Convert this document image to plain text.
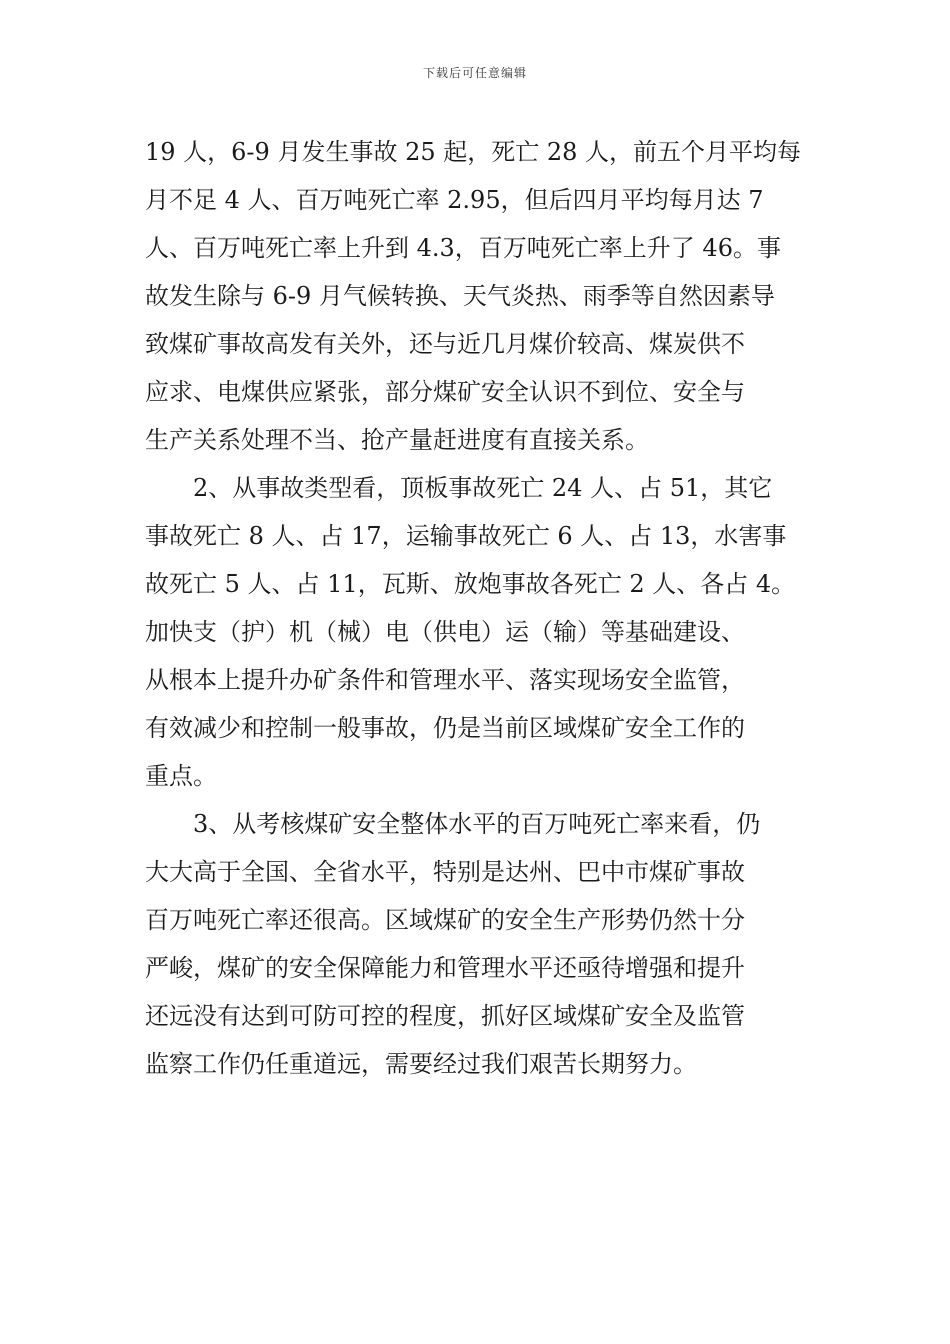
下载后可任意编辑
19 人，6-9 月发生事故 25 起，死亡 28 人，前五个月平均每
月不足 4 人、百万吨死亡率 2.95，但后四月平均每月达 7
人、百万吨死亡率上升到 4.3，百万吨死亡率上升了 46。事
故发生除与 6-9 月气候转换、天气炎热、雨季等自然因素导
致煤矿事故高发有关外，还与近几月煤价较高、煤炭供不
应求、电煤供应紧张，部分煤矿安全认识不到位、安全与
生产关系处理不当、抢产量赶进度有直接关系。
2、从事故类型看，顶板事故死亡 24 人、占 51，其它
事故死亡 8 人、占 17，运输事故死亡 6 人、占 13，水害事
故死亡 5 人、占 11，瓦斯、放炮事故各死亡 2 人、各占 4。
加快支（护）机（械）电（供电）运（输）等基础建设、
从根本上提升办矿条件和管理水平、落实现场安全监管，
有效减少和控制一般事故，仍是当前区域煤矿安全工作的
重点。
3、从考核煤矿安全整体水平的百万吨死亡率来看，仍
大大高于全国、全省水平，特别是达州、巴中市煤矿事故
百万吨死亡率还很高。区域煤矿的安全生产形势仍然十分
严峻，煤矿的安全保障能力和管理水平还亟待增强和提升
还远没有达到可防可控的程度，抓好区域煤矿安全及监管
监察工作仍任重道远，需要经过我们艰苦长期努力。
